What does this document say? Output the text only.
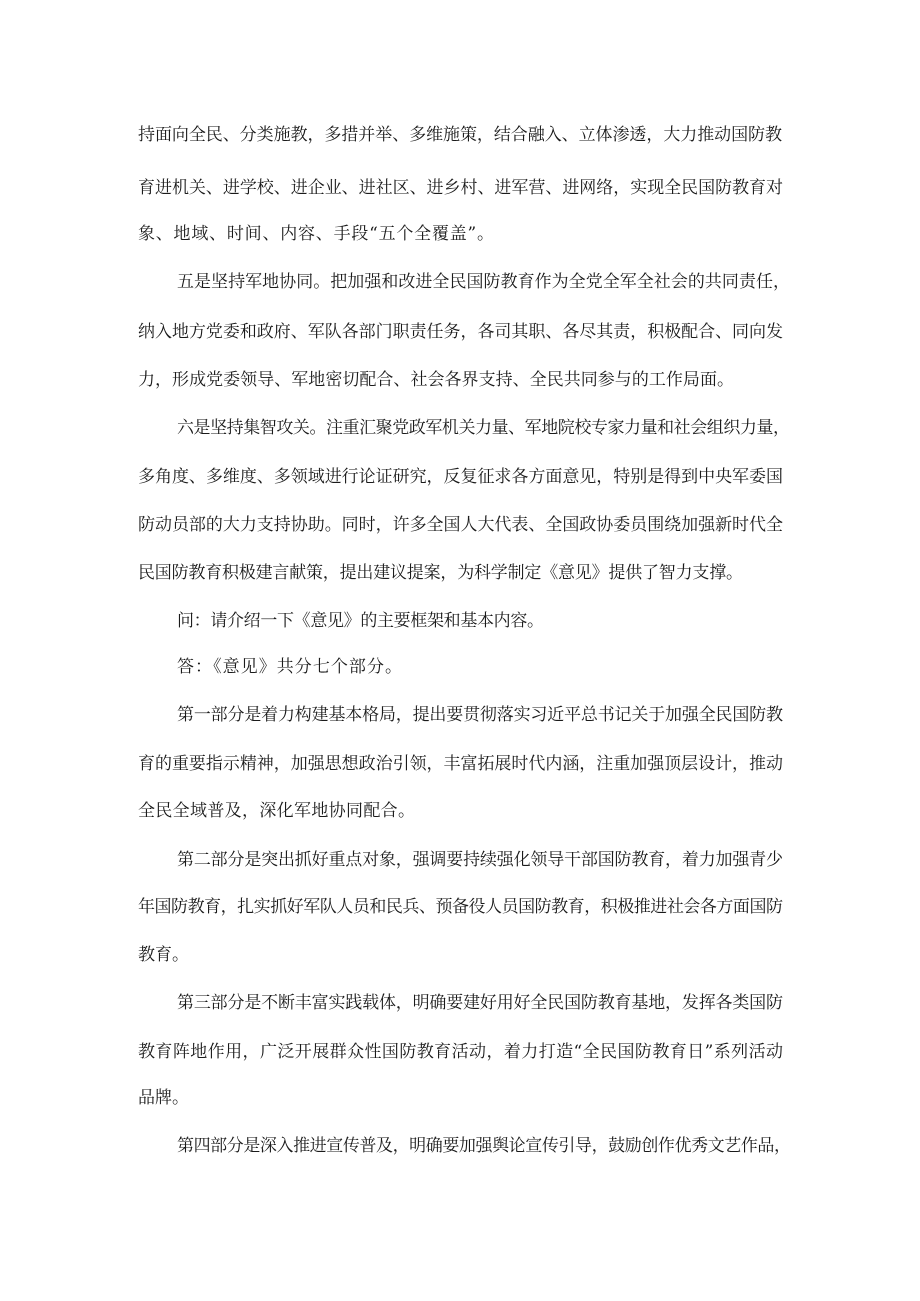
持面向全民、分类施教，多措并举、多维施策，结合融入、立体渗透，大力推动国防教
育进机关、进学校、进企业、进社区、进乡村、进军营、进网络，实现全民国防教育对
象、地域、时间、内容、手段“五个全覆盖”。
五是坚持军地协同。把加强和改进全民国防教育作为全党全军全社会的共同责任，
纳入地方党委和政府、军队各部门职责任务，各司其职、各尽其责，积极配合、同向发
力，形成党委领导、军地密切配合、社会各界支持、全民共同参与的工作局面。
六是坚持集智攻关。注重汇聚党政军机关力量、军地院校专家力量和社会组织力量，
多角度、多维度、多领域进行论证研究，反复征求各方面意见，特别是得到中央军委国
防动员部的大力支持协助。同时，许多全国人大代表、全国政协委员围绕加强新时代全
民国防教育积极建言献策，提出建议提案，为科学制定《意见》提供了智力支撑。
问：请介绍一下《意见》的主要框架和基本内容。
答：《意见》共分七个部分。
第一部分是着力构建基本格局，提出要贯彻落实习近平总书记关于加强全民国防教
育的重要指示精神，加强思想政治引领，丰富拓展时代内涵，注重加强顶层设计，推动
全民全域普及，深化军地协同配合。
第二部分是突出抓好重点对象，强调要持续强化领导干部国防教育，着力加强青少
年国防教育，扎实抓好军队人员和民兵、预备役人员国防教育，积极推进社会各方面国防
教育。
第三部分是不断丰富实践载体，明确要建好用好全民国防教育基地，发挥各类国防
教育阵地作用，广泛开展群众性国防教育活动，着力打造“全民国防教育日”系列活动
品牌。
第四部分是深入推进宣传普及，明确要加强舆论宣传引导，鼓励创作优秀文艺作品，
